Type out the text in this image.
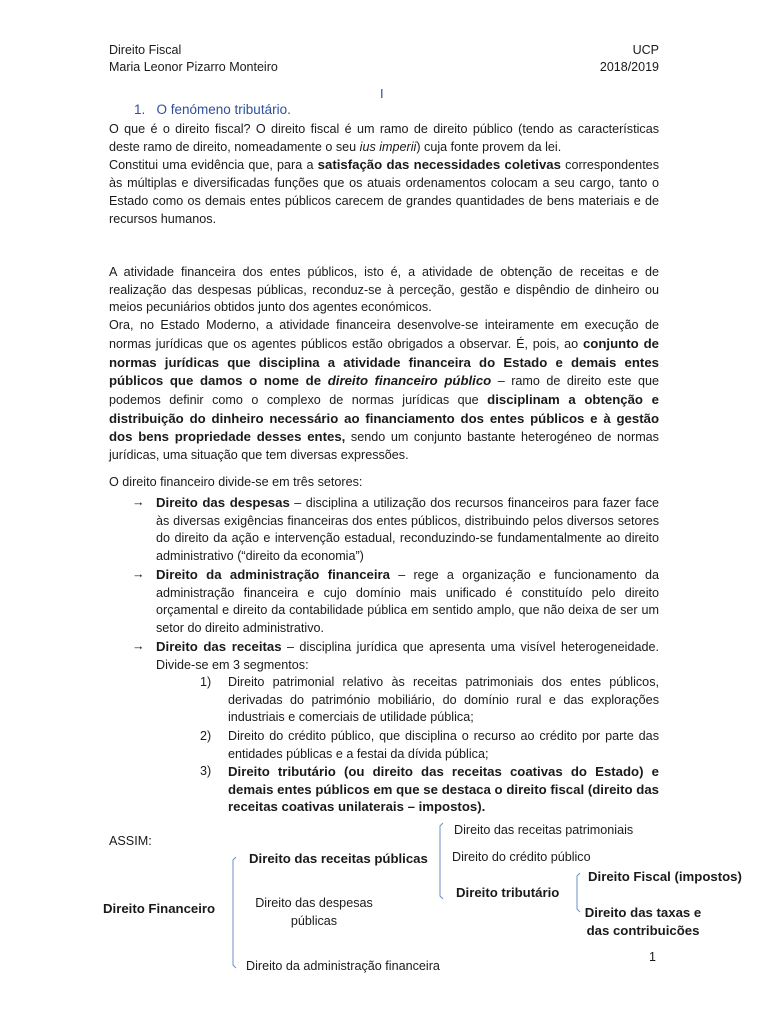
Direito Fiscal
Maria Leonor Pizarro Monteiro
UCP
2018/2019
I
1.   O fenómeno tributário.

O que é o direito fiscal? O direito fiscal é um ramo de direito público (tendo as características deste ramo de direito, nomeadamente o seu ius imperii) cuja fonte provem da lei.

Constitui uma evidência que, para a satisfação das necessidades coletivas correspondentes às múltiplas e diversificadas funções que os atuais ordenamentos colocam a seu cargo, tanto o Estado como os demais entes públicos carecem de grandes quantidades de bens materiais e de recursos humanos.

A atividade financeira dos entes públicos, isto é, a atividade de obtenção de receitas e de realização das despesas públicas, reconduz-se à perceção, gestão e dispêndio de dinheiro ou meios pecuniários obtidos junto dos agentes económicos.

Ora, no Estado Moderno, a atividade financeira desenvolve-se inteiramente em execução de normas jurídicas que os agentes públicos estão obrigados a observar. É, pois, ao conjunto de normas jurídicas que disciplina a atividade financeira do Estado e demais entes públicos que damos o nome de direito financeiro público – ramo de direito este que podemos definir como o complexo de normas jurídicas que disciplinam a obtenção e distribuição do dinheiro necessário ao financiamento dos entes públicos e à gestão dos bens propriedade desses entes, sendo um conjunto bastante heterogéneo de normas jurídicas, uma situação que tem diversas expressões.

O direito financeiro divide-se em três setores:
→ Direito das despesas – disciplina a utilização dos recursos financeiros para fazer face às diversas exigências financeiras dos entes públicos, distribuindo pelos diversos setores do direito da ação e intervenção estadual, reconduzindo-se fundamentalmente ao direito administrativo (“direito da economia”)
→ Direito da administração financeira – rege a organização e funcionamento da administração financeira e cujo domínio mais unificado é constituído pelo direito orçamental e direito da contabilidade pública em sentido amplo, que não deixa de ser um setor do direito administrativo.
→ Direito das receitas – disciplina jurídica que apresenta uma visível heterogeneidade. Divide-se em 3 segmentos:
1) Direito patrimonial relativo às receitas patrimoniais dos entes públicos, derivadas do património mobiliário, do domínio rural e das explorações industriais e comerciais de utilidade pública;
2) Direito do crédito público, que disciplina o recurso ao crédito por parte das entidades públicas e a festai da dívida pública;
3) Direito tributário (ou direito das receitas coativas do Estado) e demais entes públicos em que se destaca o direito fiscal (direito das receitas coativas unilaterais – impostos).
ASSIM:
Direito das receitas públicas
Direito Financeiro	Direito das despesas
públicas
Direito da administração financeira
Direito das receitas patrimoniais
Direito do crédito público
Direito tributário
Direito Fiscal (impostos)
Direito das taxas e
das contribuicões
1
